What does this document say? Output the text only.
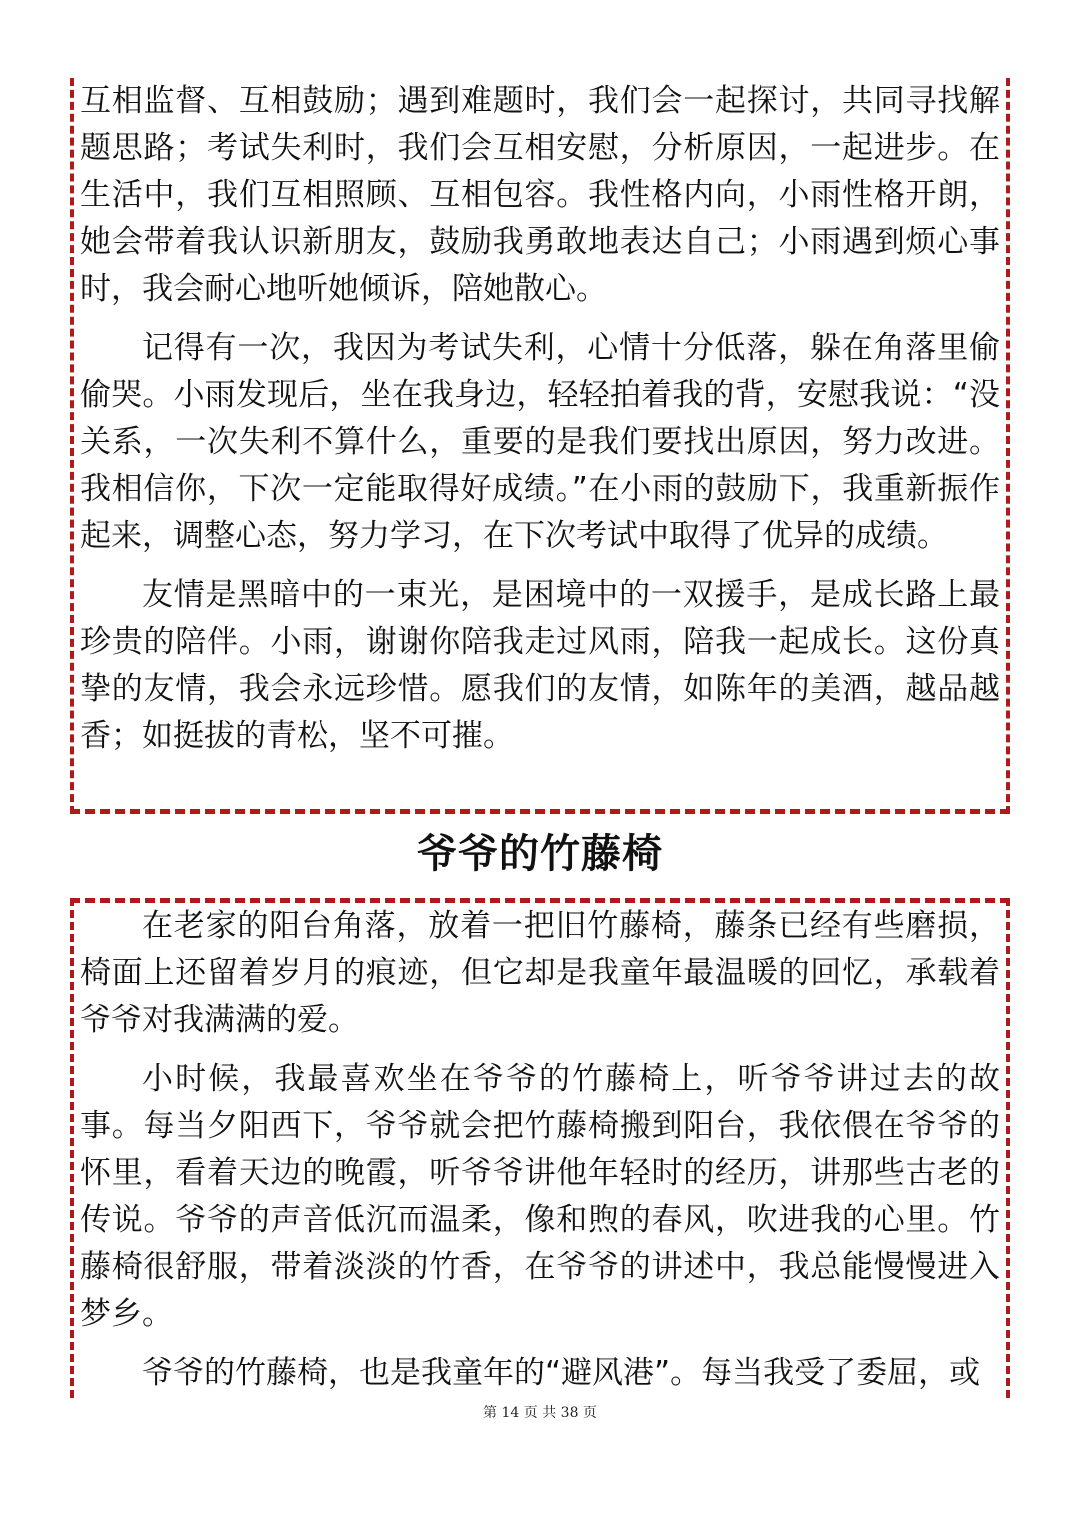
互相监督、互相鼓励；遇到难题时，我们会一起探讨，共同寻找解题思路；考试失利时，我们会互相安慰，分析原因，一起进步。在生活中，我们互相照顾、互相包容。我性格内向，小雨性格开朗，她会带着我认识新朋友，鼓励我勇敢地表达自己；小雨遇到烦心事时，我会耐心地听她倾诉，陪她散心。

记得有一次，我因为考试失利，心情十分低落，躲在角落里偷偷哭。小雨发现后，坐在我身边，轻轻拍着我的背，安慰我说：“没关系，一次失利不算什么，重要的是我们要找出原因，努力改进。我相信你，下次一定能取得好成绩。”在小雨的鼓励下，我重新振作起来，调整心态，努力学习，在下次考试中取得了优异的成绩。

友情是黑暗中的一束光，是困境中的一双援手，是成长路上最珍贵的陪伴。小雨，谢谢你陪我走过风雨，陪我一起成长。这份真挚的友情，我会永远珍惜。愿我们的友情，如陈年的美酒，越品越香；如挺拔的青松，坚不可摧。

爷爷的竹藤椅

在老家的阳台角落，放着一把旧竹藤椅，藤条已经有些磨损，椅面上还留着岁月的痕迹，但它却是我童年最温暖的回忆，承载着爷爷对我满满的爱。

小时候，我最喜欢坐在爷爷的竹藤椅上，听爷爷讲过去的故事。每当夕阳西下，爷爷就会把竹藤椅搬到阳台，我依偎在爷爷的怀里，看着天边的晚霞，听爷爷讲他年轻时的经历，讲那些古老的传说。爷爷的声音低沉而温柔，像和煦的春风，吹进我的心里。竹藤椅很舒服，带着淡淡的竹香，在爷爷的讲述中，我总能慢慢进入梦乡。

爷爷的竹藤椅，也是我童年的“避风港”。每当我受了委屈，或

第 14 页 共 38 页
